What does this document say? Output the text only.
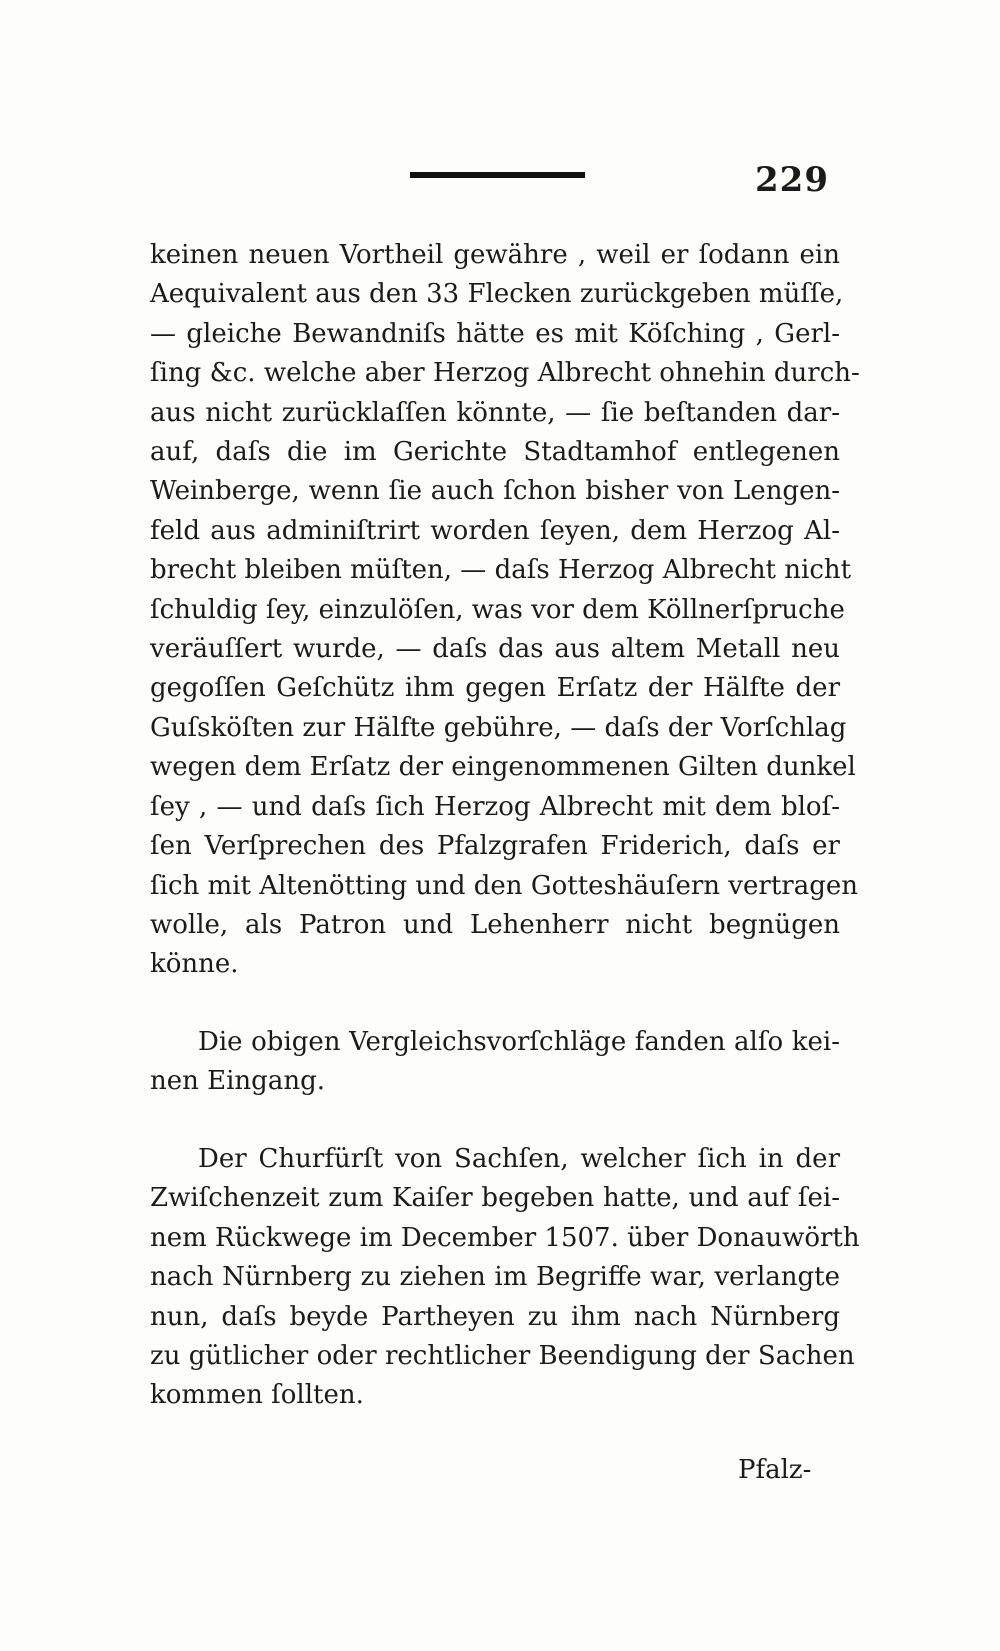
229
keinen neuen Vortheil gewähre , weil er ſodann ein
Aequivalent aus den 33 Flecken zurückgeben müſſe,
— gleiche Bewandniſs hätte es mit Köſching , Gerl-
ſing &c. welche aber Herzog Albrecht ohnehin durch-
aus nicht zurücklaſſen könnte, — ſie beſtanden dar-
auf, daſs die im Gerichte Stadtamhof entlegenen
Weinberge, wenn ſie auch ſchon bisher von Lengen-
feld aus adminiſtrirt worden ſeyen, dem Herzog Al-
brecht bleiben müſten, — daſs Herzog Albrecht nicht
ſchuldig ſey, einzulöſen, was vor dem Köllnerſpruche
veräuſſert wurde, — daſs das aus altem Metall neu
gegoſſen Geſchütz ihm gegen Erſatz der Hälfte der
Guſsköſten zur Hälfte gebühre, — daſs der Vorſchlag
wegen dem Erſatz der eingenommenen Gilten dunkel
ſey , — und daſs ſich Herzog Albrecht mit dem bloſ-
ſen Verſprechen des Pfalzgrafen Friderich, daſs er
ſich mit Altenötting und den Gotteshäuſern vertragen
wolle, als Patron und Lehenherr nicht begnügen
könne.
Die obigen Vergleichsvorſchläge fanden alſo kei-
nen Eingang.
Der Churfürſt von Sachſen, welcher ſich in der
Zwiſchenzeit zum Kaiſer begeben hatte, und auf ſei-
nem Rückwege im December 1507. über Donauwörth
nach Nürnberg zu ziehen im Begriffe war, verlangte
nun, daſs beyde Partheyen zu ihm nach Nürnberg
zu gütlicher oder rechtlicher Beendigung der Sachen
kommen ſollten.
Pfalz-
